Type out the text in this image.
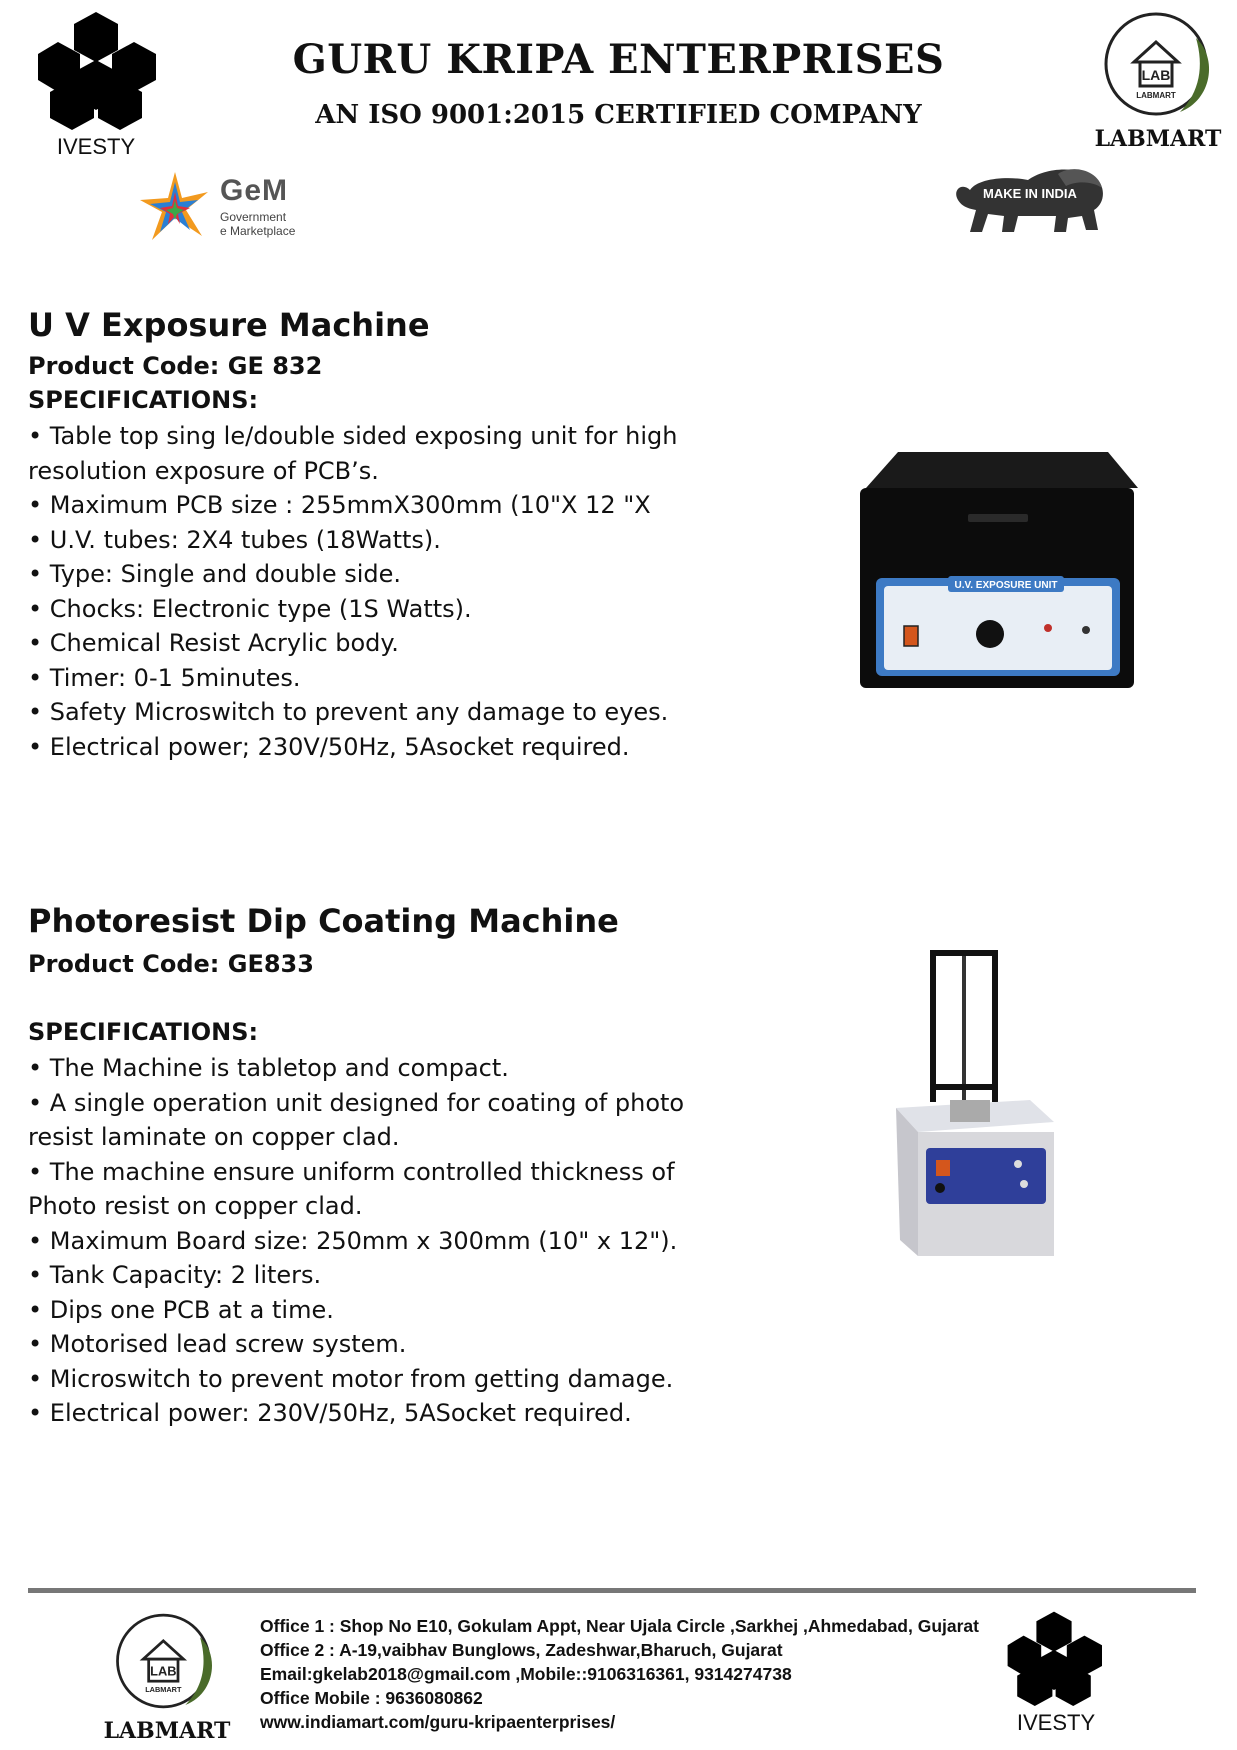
IVESTY
GURU KRIPA ENTERPRISES
AN ISO 9001:2015 CERTIFIED COMPANY
LAB
LABMART
LABMART
GeM
Government
e Marketplace
MAKE IN INDIA
U V Exposure Machine
Product Code: GE 832
SPECIFICATIONS:
• Table top sing le/double sided exposing unit for high
resolution exposure of PCB’s.
• Maximum PCB size : 255mmX300mm (10"X 12 "X
• U.V. tubes: 2X4 tubes (18Watts).
• Type: Single and double side.
• Chocks: Electronic type (1S Watts).
• Chemical Resist Acrylic body.
• Timer: 0-1 5minutes.
• Safety Microswitch to prevent any damage to eyes.
• Electrical power; 230V/50Hz, 5Asocket required.
U.V. EXPOSURE UNIT
Photoresist Dip Coating Machine
Product Code: GE833
SPECIFICATIONS:
• The Machine is tabletop and compact.
• A single operation unit designed for coating of photo
resist laminate on copper clad.
• The machine ensure uniform controlled thickness of
Photo resist on copper clad.
• Maximum Board size: 250mm x 300mm (10" x 12").
• Tank Capacity: 2 liters.
• Dips one PCB at a time.
• Motorised lead screw system.
• Microswitch to prevent motor from getting damage.
• Electrical power: 230V/50Hz, 5ASocket required.
LAB
LABMART
LABMART
Office 1 : Shop No E10, Gokulam Appt, Near Ujala Circle ,Sarkhej ,Ahmedabad, Gujarat
Office 2 : A-19,vaibhav Bunglows, Zadeshwar,Bharuch, Gujarat
Email:gkelab2018@gmail.com ,Mobile::9106316361, 9314274738
Office Mobile : 9636080862
www.indiamart.com/guru-kripaenterprises/	IVESTY
